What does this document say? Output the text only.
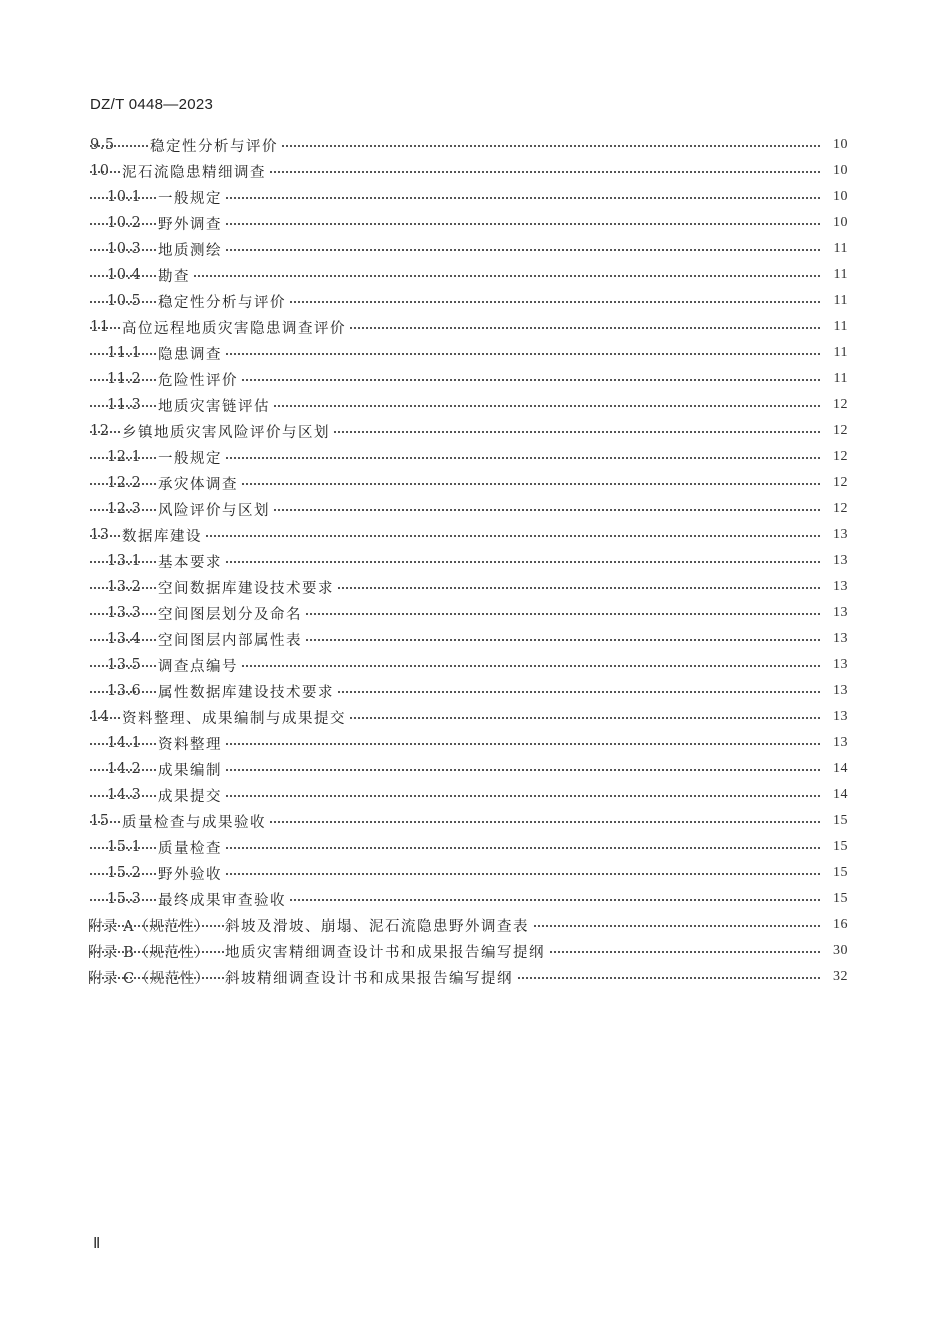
DZ/T 0448—2023
9.5 稳定性分析与评价	10
10 泥石流隐患精细调查	10
10.1 一般规定	10
10.2 野外调查	10
10.3 地质测绘	11
10.4 勘查	11
10.5 稳定性分析与评价	11
11 高位远程地质灾害隐患调查评价	11
11.1 隐患调查	11
11.2 危险性评价	11
11.3 地质灾害链评估	12
12 乡镇地质灾害风险评价与区划	12
12.1 一般规定	12
12.2 承灾体调查	12
12.3 风险评价与区划	12
13 数据库建设	13
13.1 基本要求	13
13.2 空间数据库建设技术要求	13
13.3 空间图层划分及命名	13
13.4 空间图层内部属性表	13
13.5 调查点编号	13
13.6 属性数据库建设技术要求	13
14 资料整理、成果编制与成果提交	13
14.1 资料整理	13
14.2 成果编制	14
14.3 成果提交	14
15 质量检查与成果验收	15
15.1 质量检查	15
15.2 野外验收	15
15.3 最终成果审查验收	15
附录 A（规范性） 斜坡及滑坡、崩塌、泥石流隐患野外调查表	16
附录 B（规范性） 地质灾害精细调查设计书和成果报告编写提纲	30
附录 C（规范性） 斜坡精细调查设计书和成果报告编写提纲	32
Ⅱ
